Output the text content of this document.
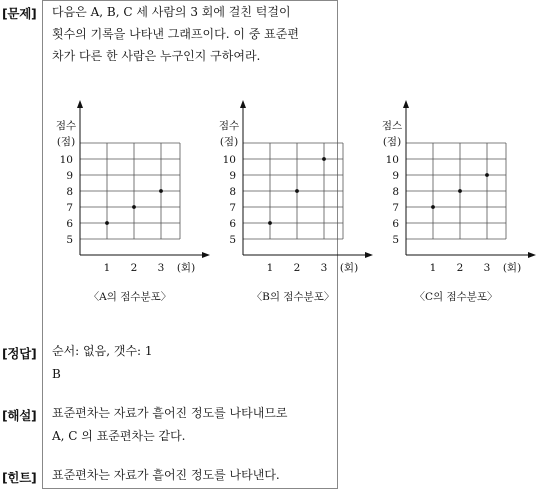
[문제] 다음은 A, B, C 세 사람의 3 회에 걸친 턱걸이
횟수의 기록을 나타낸 그래프이다. 이 중 표준편
차가 다른 한 사람은 누구인지 구하여라.
점수
(점)
5
6
7
8
9
10
1 2 3 (회)
〈A의 점수분포〉
점수
(점)
5
6
7
8
9
10
1 2 3 (회)
〈B의 점수분포〉
점스
(점)
5
6
7
8
9
10
1 2 3 (회)
〈C의 점수분포〉
[정답] 순서: 없음, 갯수: 1
B
[해설] 표준편차는 자료가 흩어진 정도를 나타내므로
A, C 의 표준편차는 같다.
[힌트] 표준편차는 자료가 흩어진 정도를 나타낸다.
